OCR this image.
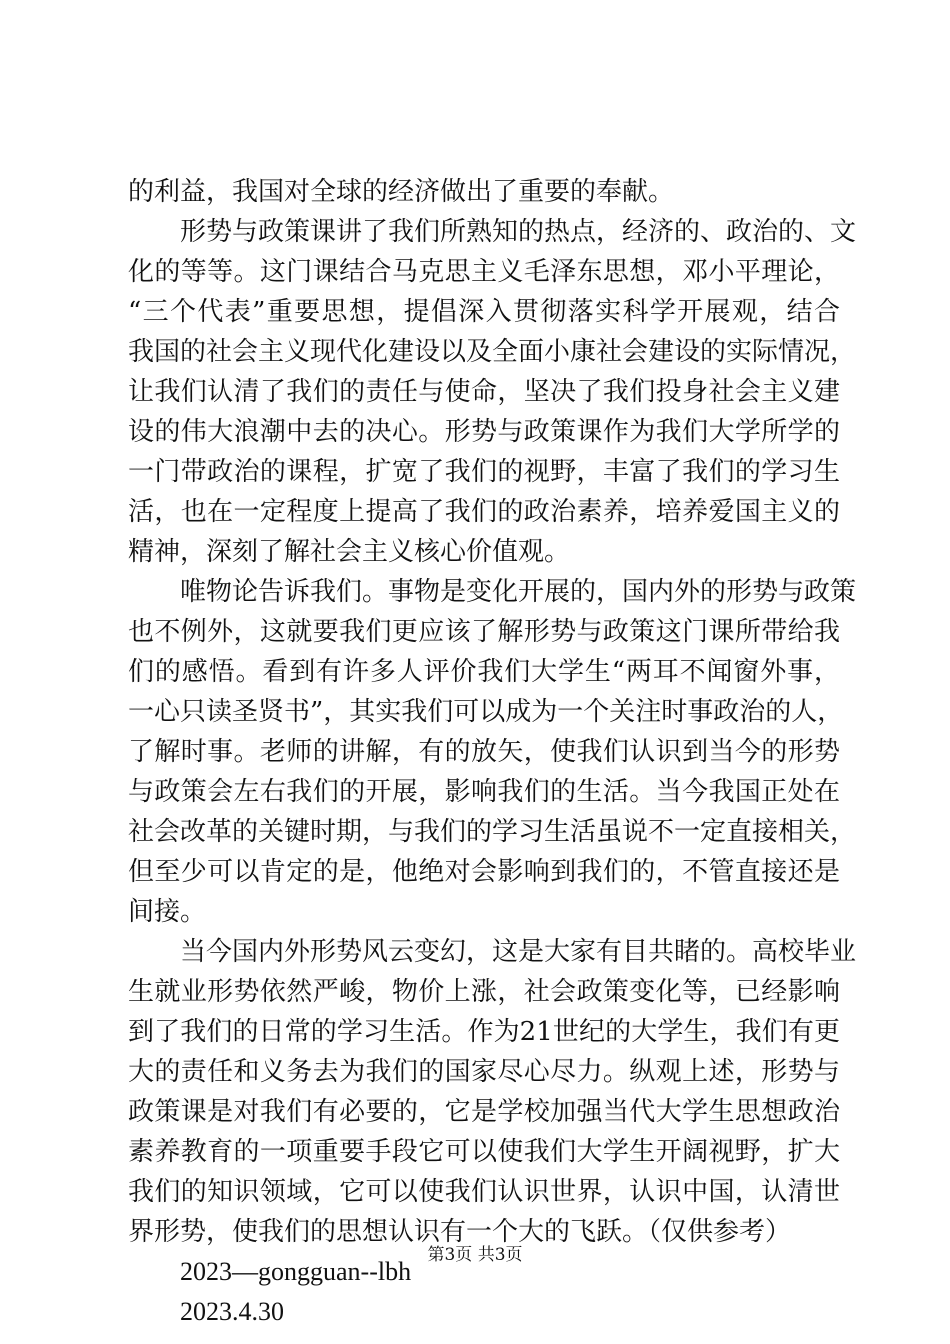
的利益，我国对全球的经济做出了重要的奉献。
形势与政策课讲了我们所熟知的热点，经济的、政治的、文
化的等等。这门课结合马克思主义毛泽东思想，邓小平理论，
“三个代表”重要思想，提倡深入贯彻落实科学开展观，结合
我国的社会主义现代化建设以及全面小康社会建设的实际情况，
让我们认清了我们的责任与使命，坚决了我们投身社会主义建
设的伟大浪潮中去的决心。形势与政策课作为我们大学所学的
一门带政治的课程，扩宽了我们的视野，丰富了我们的学习生
活，也在一定程度上提高了我们的政治素养，培养爱国主义的
精神，深刻了解社会主义核心价值观。
唯物论告诉我们。事物是变化开展的，国内外的形势与政策
也不例外，这就要我们更应该了解形势与政策这门课所带给我
们的感悟。看到有许多人评价我们大学生“两耳不闻窗外事，
一心只读圣贤书”，其实我们可以成为一个关注时事政治的人，
了解时事。老师的讲解，有的放矢，使我们认识到当今的形势
与政策会左右我们的开展，影响我们的生活。当今我国正处在
社会改革的关键时期，与我们的学习生活虽说不一定直接相关，
但至少可以肯定的是，他绝对会影响到我们的，不管直接还是
间接。
当今国内外形势风云变幻，这是大家有目共睹的。高校毕业
生就业形势依然严峻，物价上涨，社会政策变化等，已经影响
到了我们的日常的学习生活。作为21世纪的大学生，我们有更
大的责任和义务去为我们的国家尽心尽力。纵观上述，形势与
政策课是对我们有必要的，它是学校加强当代大学生思想政治
素养教育的一项重要手段它可以使我们大学生开阔视野，扩大
我们的知识领域，它可以使我们认识世界，认识中国，认清世
界形势，使我们的思想认识有一个大的飞跃。（仅供参考）
2023—gongguan--lbh
2023.4.30
第3页 共3页
